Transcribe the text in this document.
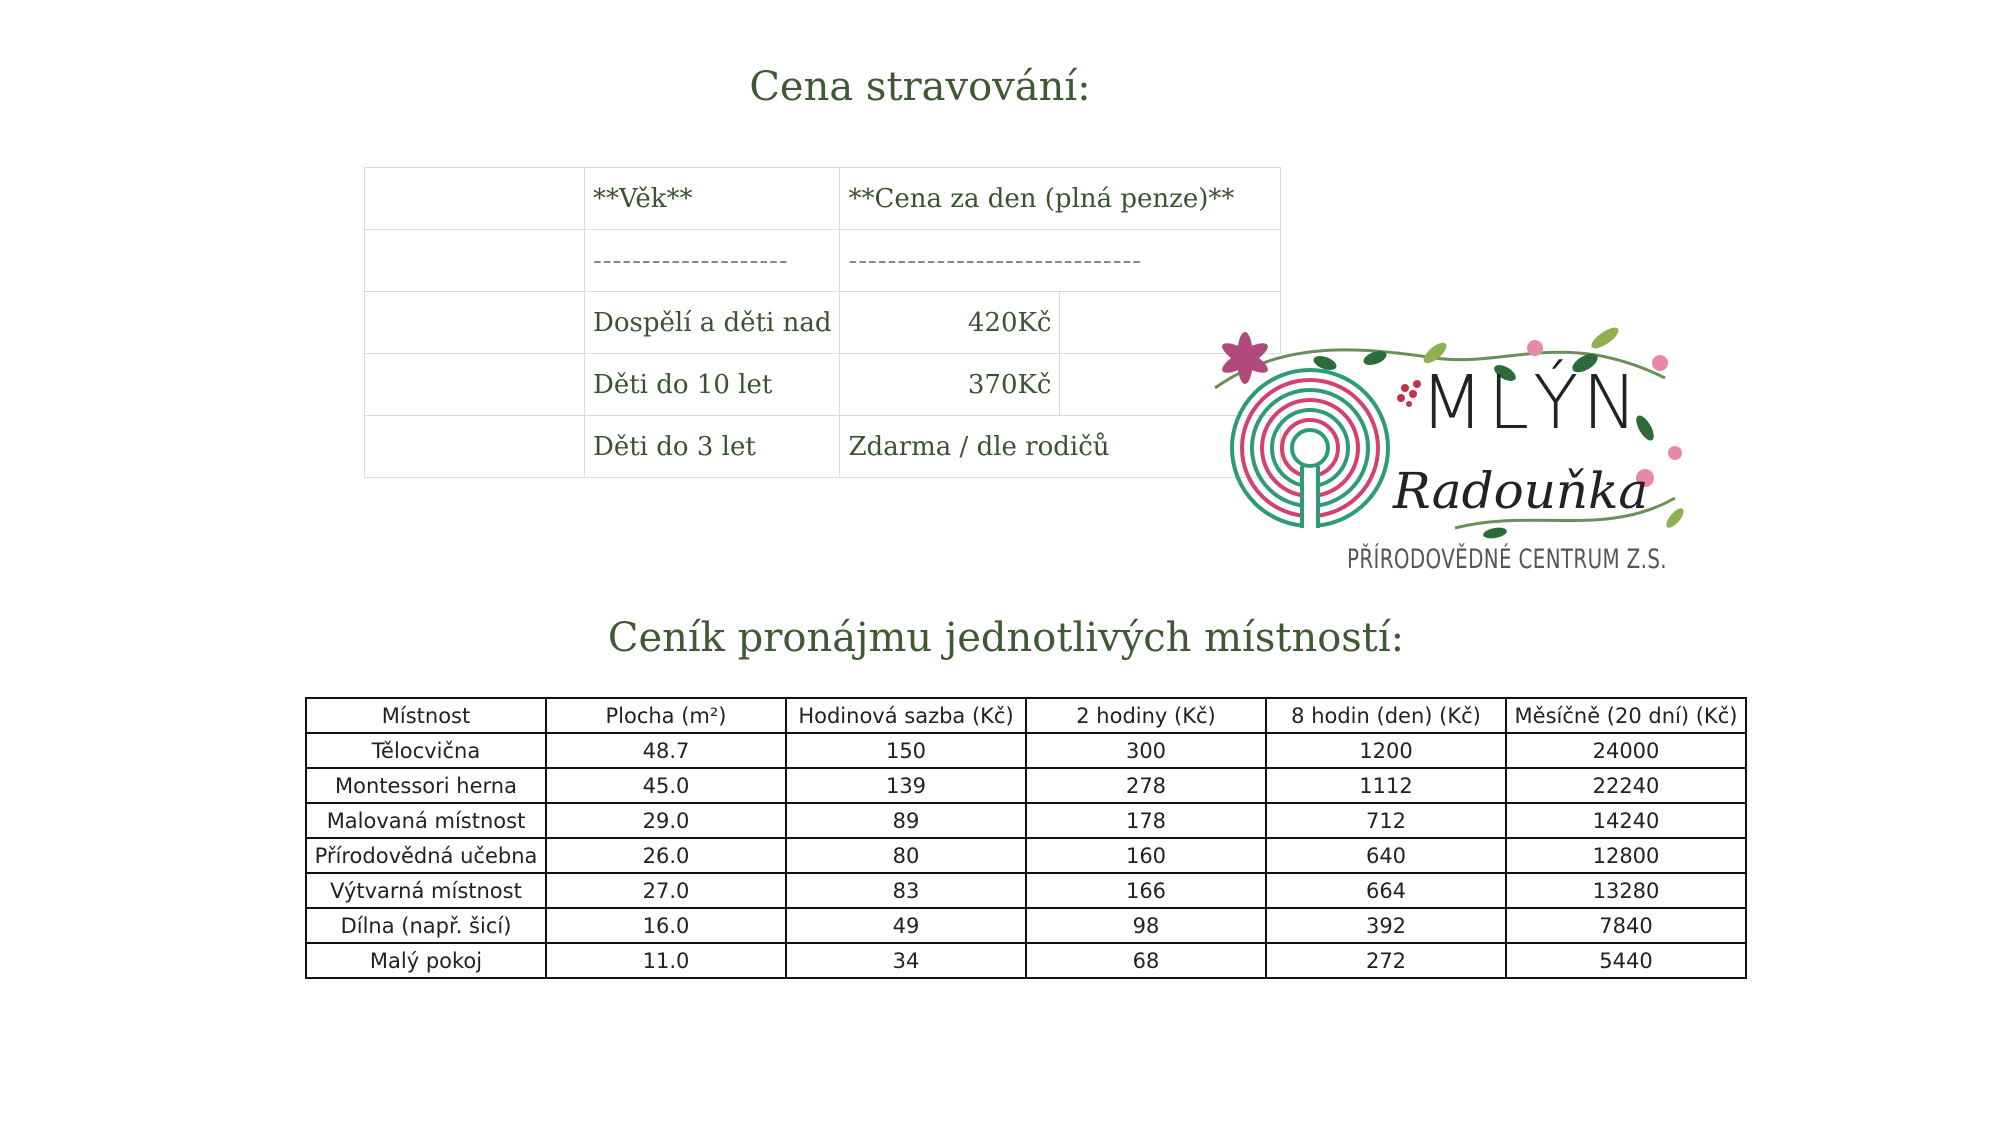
Cena stravování:
	**Věk**	**Cena za den (plná penze)**	
	--------------------	------------------------------	
	Dospělí a děti nad	420Kč	
	Děti do 10 let	370Kč	
	Děti do 3 let	Zdarma / dle rodičů	
MLÝN
Radouňka
PŘÍRODOVĚDNÉ CENTRUM Z.S.
Ceník pronájmu jednotlivých místností:
Místnost	Plocha (m²)	Hodinová sazba (Kč)	2 hodiny (Kč)	8 hodin (den) (Kč)	Měsíčně (20 dní) (Kč)
Tělocvična	48.7	150	300	1200	24000
Montessori herna	45.0	139	278	1112	22240
Malovaná místnost	29.0	89	178	712	14240
Přírodovědná učebna	26.0	80	160	640	12800
Výtvarná místnost	27.0	83	166	664	13280
Dílna (např. šicí)	16.0	49	98	392	7840
Malý pokoj	11.0	34	68	272	5440
